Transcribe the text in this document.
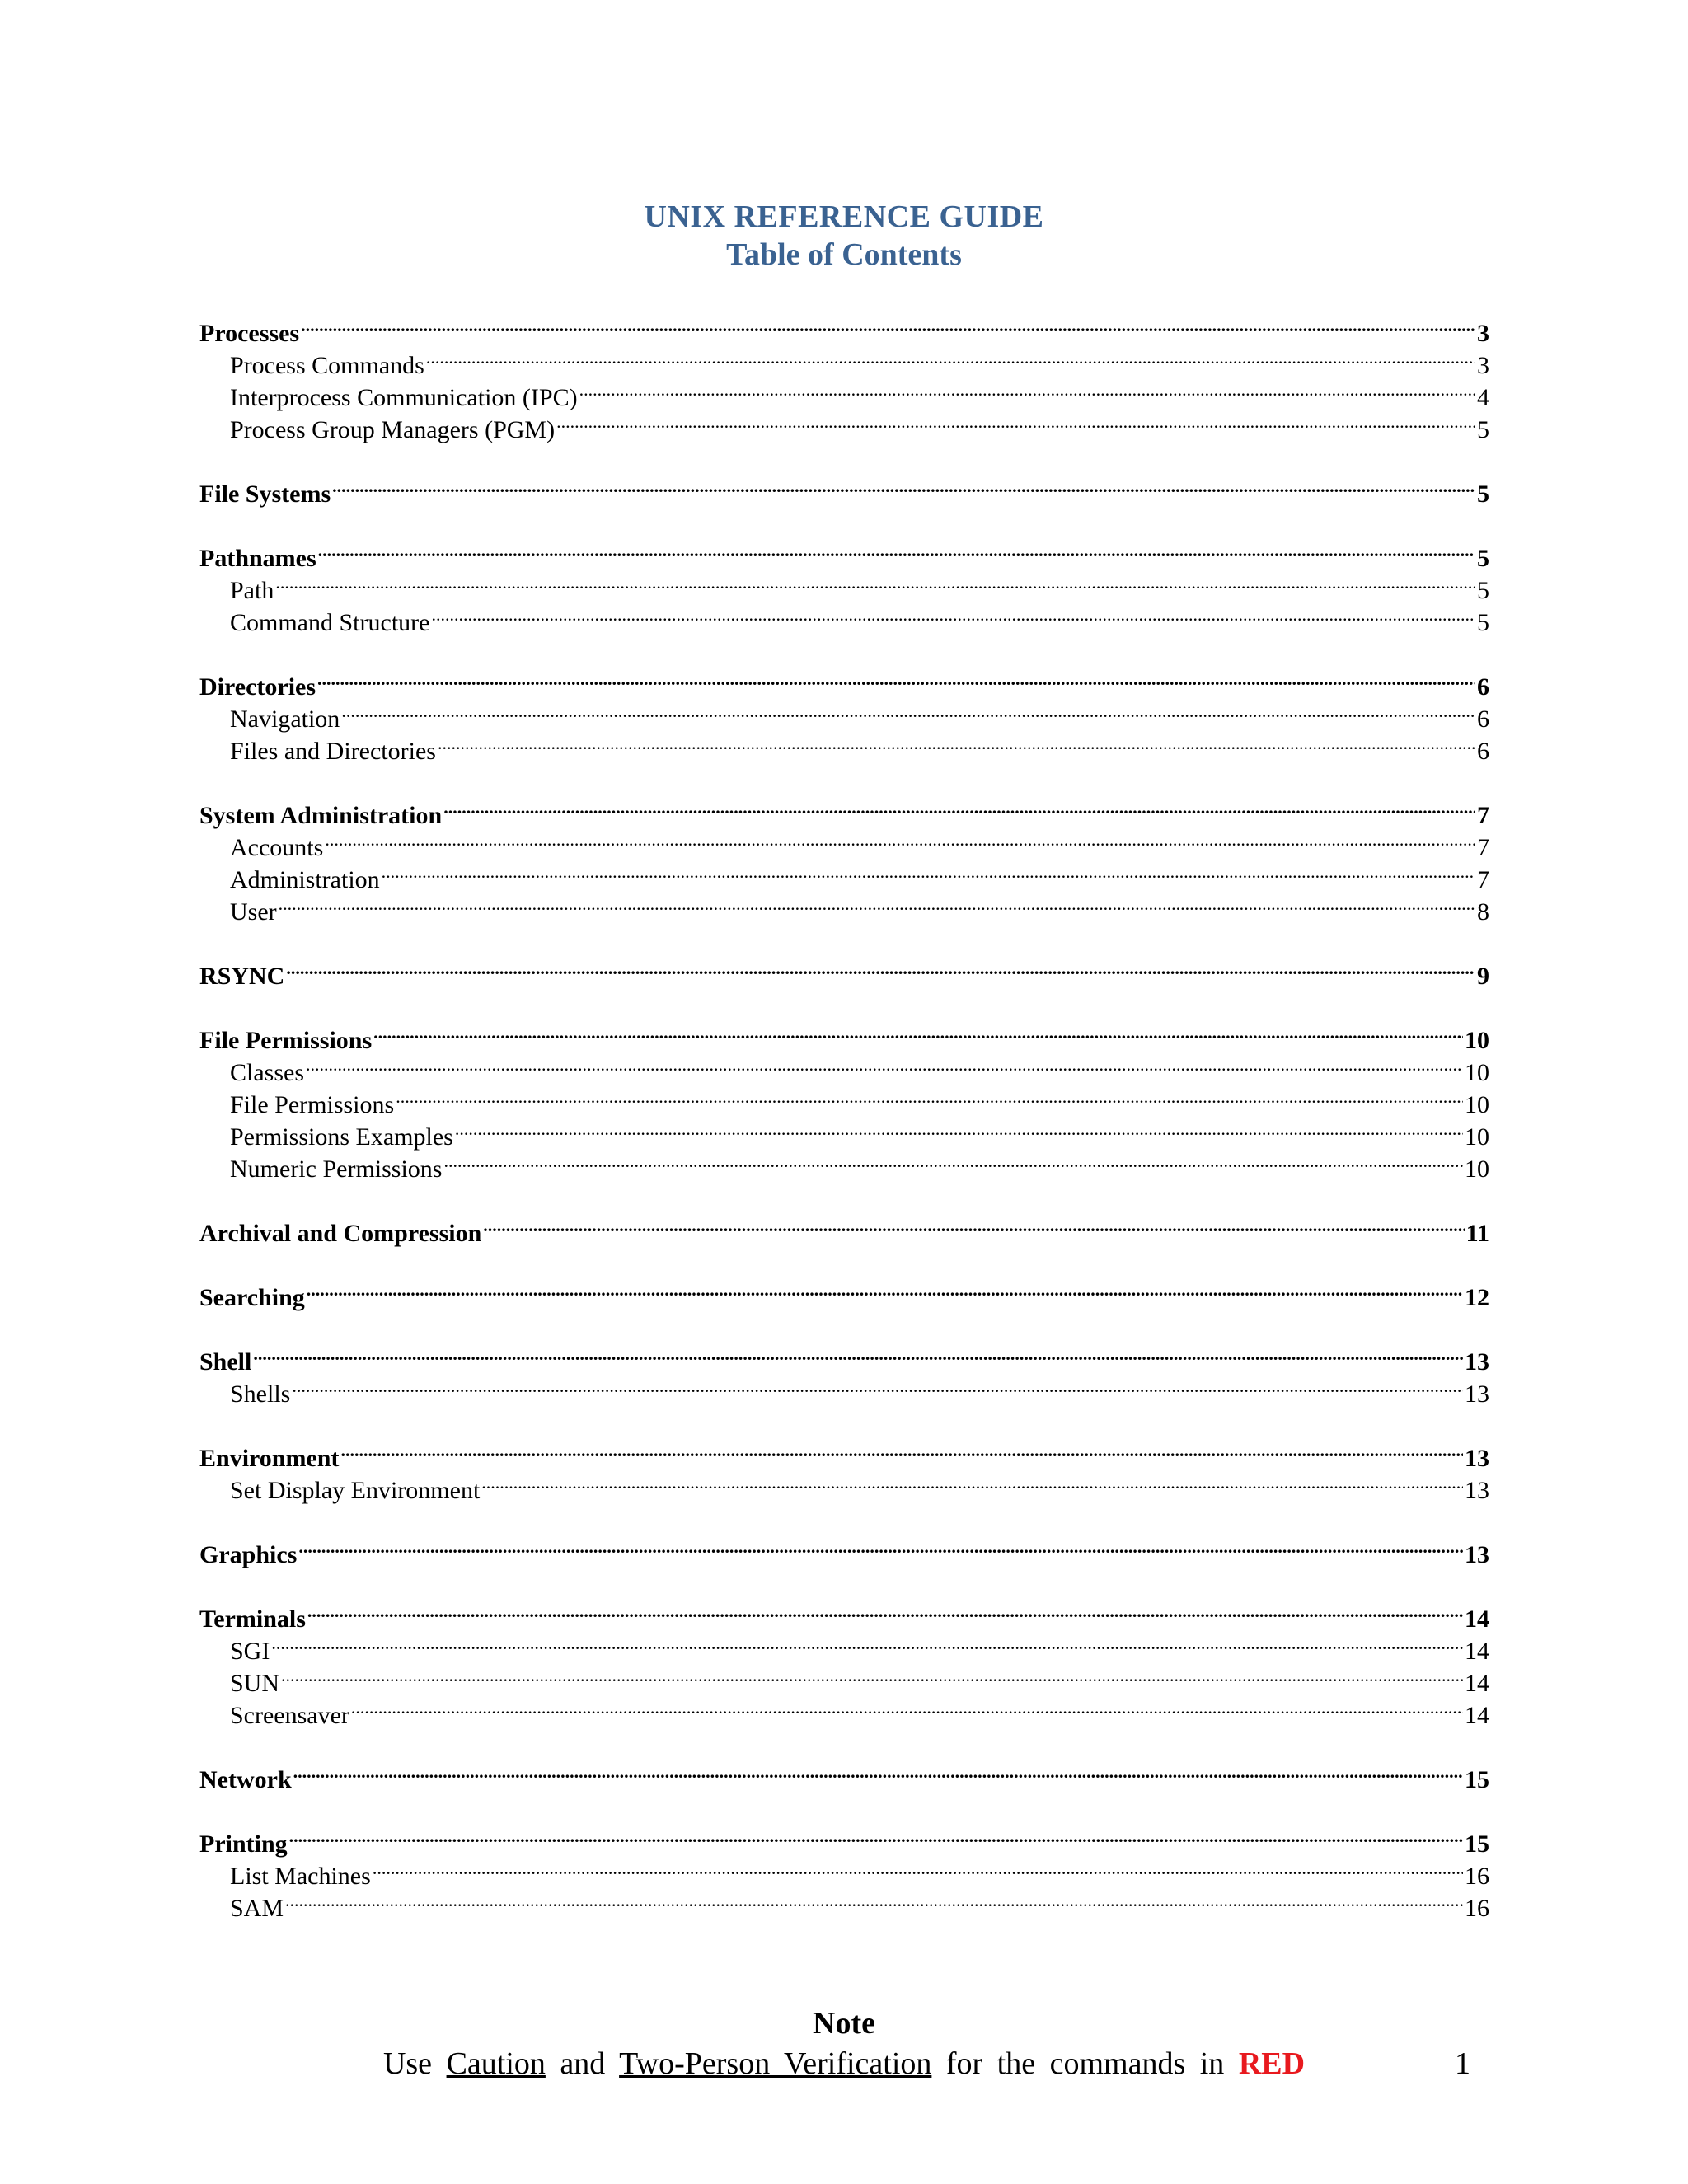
UNIX REFERENCE GUIDE
Table of Contents
Processes .....	3
Process Commands .....	3
Interprocess Communication (IPC) .....	4
Process Group Managers (PGM) .....	5
File Systems .....	5
Pathnames .....	5
Path .....	5
Command Structure .....	5
Directories .....	6
Navigation .....	6
Files and Directories .....	6
System Administration .....	7
Accounts .....	7
Administration .....	7
User .....	8
RSYNC .....	9
File Permissions .....	10
Classes .....	10
File Permissions .....	10
Permissions Examples .....	10
Numeric Permissions .....	10
Archival and Compression .....	11
Searching .....	12
Shell .....	13
Shells .....	13
Environment .....	13
Set Display Environment .....	13
Graphics .....	13
Terminals .....	14
SGI .....	14
SUN .....	14
Screensaver .....	14
Network .....	15
Printing .....	15
List Machines .....	16
SAM .....	16
Note
Use Caution and Two-Person Verification for the commands in RED	1
